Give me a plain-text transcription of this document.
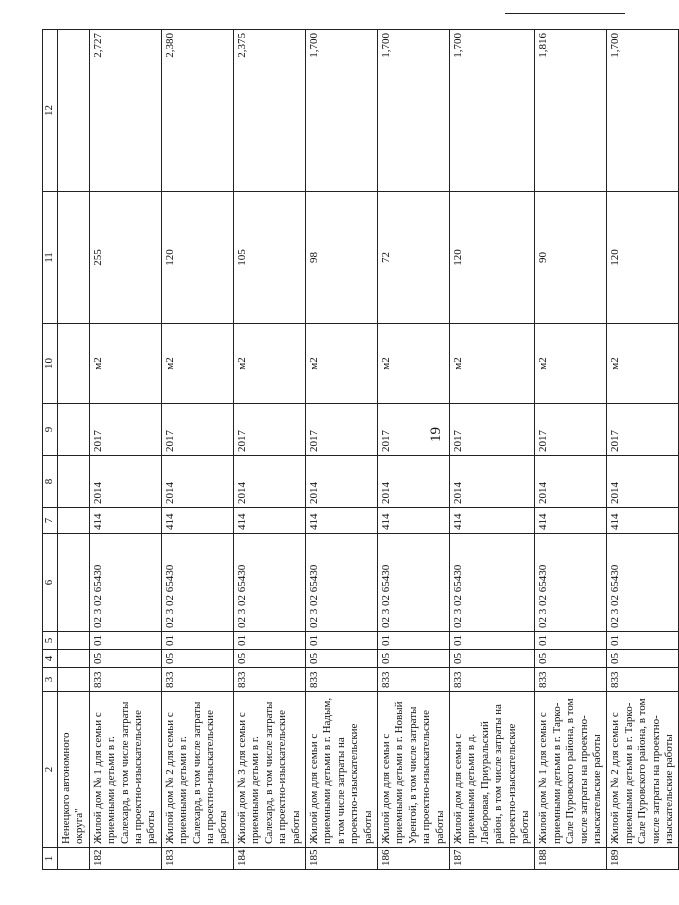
19
1	2	3	4	5	6	7	8	9	10	11	12
	Ненецкого автономного округа"										
182	Жилой дом № 1 для семьи с приемными детьми в г. Салехард, в том числе затраты на проектно-изыскательские работы	833	05	01	02 3 02 65430	414	2014	2017	м2	255	2,727
183	Жилой дом № 2 для семьи с приемными детьми в г. Салехард, в том числе затраты на проектно-изыскательские работы	833	05	01	02 3 02 65430	414	2014	2017	м2	120	2,380
184	Жилой дом № 3 для семьи с приемными детьми в г. Салехард, в том числе затраты на проектно-изыскательские работы	833	05	01	02 3 02 65430	414	2014	2017	м2	105	2,375
185	Жилой дом для семьи с приемными детьми в г. Надым, в том числе затраты на проектно-изыскательские работы	833	05	01	02 3 02 65430	414	2014	2017	м2	98	1,700
186	Жилой дом для семьи с приемными детьми в г. Новый Уренгой, в том числе затраты на проектно-изыскательские работы	833	05	01	02 3 02 65430	414	2014	2017	м2	72	1,700
187	Жилой дом для семьи с приемными детьми в д. Лаборовая, Приуральский район, в том числе затраты на проектно-изыскательские работы	833	05	01	02 3 02 65430	414	2014	2017	м2	120	1,700
188	Жилой дом № 1 для семьи с приемными детьми в г. Тарко-Сале Пуровского района, в том числе затраты на проектно-изыскательские работы	833	05	01	02 3 02 65430	414	2014	2017	м2	90	1,816
189	Жилой дом № 2 для семьи с приемными детьми в г. Тарко-Сале Пуровского района, в том числе затраты на проектно-изыскательские работы	833	05	01	02 3 02 65430	414	2014	2017	м2	120	1,700
